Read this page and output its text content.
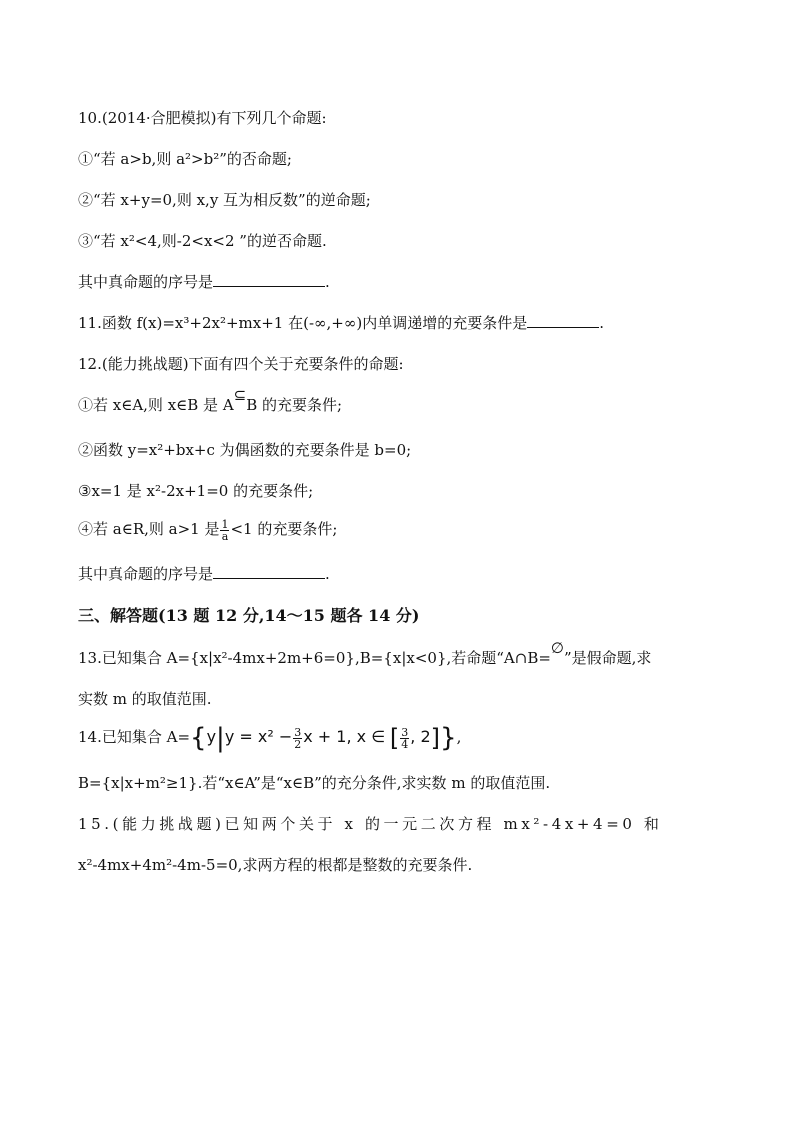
10.(2014·合肥模拟)有下列几个命题:
①“若 a>b,则 a²>b²”的否命题;
②“若 x+y=0,则 x,y 互为相反数”的逆命题;
③“若 x²<4,则-2<x<2 ”的逆否命题.
其中真命题的序号是	.
11.函数 f(x)=x³+2x²+mx+1 在(-∞,+∞)内单调递增的充要条件是	.
12.(能力挑战题)下面有四个关于充要条件的命题:
①若 x∈A,则 x∈B 是 A⊆B 的充要条件;
②函数 y=x²+bx+c 为偶函数的充要条件是 b=0;
③x=1 是 x²-2x+1=0 的充要条件;
④若 a∈R,则 a>1 是 $\frac{1}{a} <1$ 的充要条件;
其中真命题的序号是	.
三、解答题(13 题 12 分,14～15 题各 14 分)
13.已知集合 A={x|x²-4mx+2m+6=0},B={x|x<0},若命题“A∩B=∅”是假命题,求
实数 m 的取值范围.
14.已知集合 $A=\{y|y = x^2 - \frac{3}{2}$ x + 1, x ∈ [ $\frac{3}{4}$ , 2]},
B={x|x+m²≥1}.若“x∈A”是“x∈B”的充分条件,求实数 m 的取值范围.
15.(能力挑战题)已知两个关于 x 的一元二次方程 mx²-4x+4=0 和
x²-4mx+4m²-4m-5=0,求两方程的根都是整数的充要条件.
